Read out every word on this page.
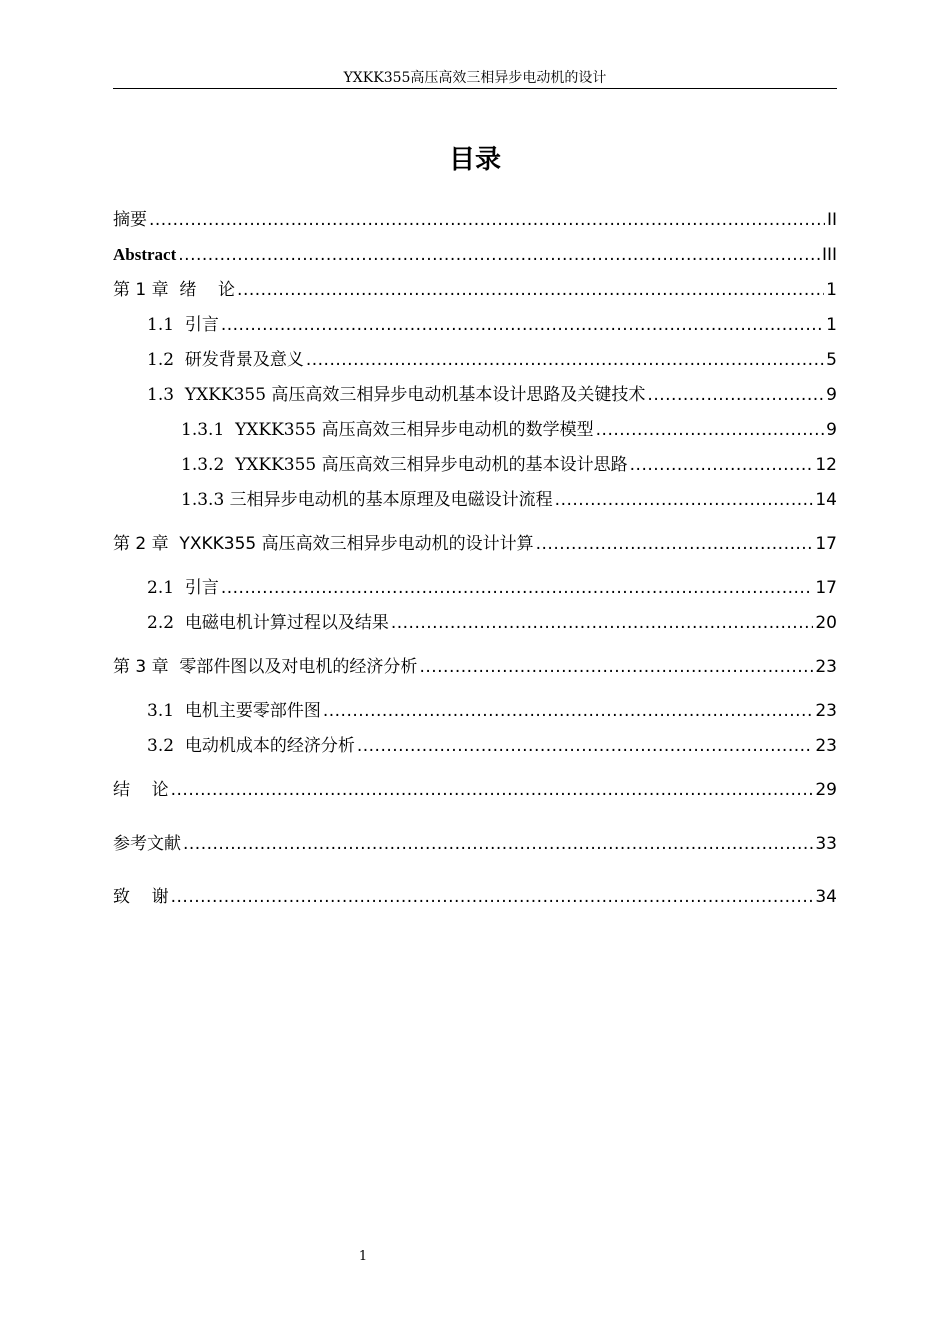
YXKK355高压高效三相异步电动机的设计
目录
摘要 .....	II
Abstract .....	III
第 1 章  绪    论 .....	1
1.1  引言 .....	1
1.2  研发背景及意义 .....	5
1.3  YXKK355 高压高效三相异步电动机基本设计思路及关键技术 .....	9
1.3.1  YXKK355 高压高效三相异步电动机的数学模型 .....	9
1.3.2  YXKK355 高压高效三相异步电动机的基本设计思路 .....	12
1.3.3 三相异步电动机的基本原理及电磁设计流程 .....	14
第 2 章  YXKK355 高压高效三相异步电动机的设计计算 .....	17
2.1  引言 .....	17
2.2  电磁电机计算过程以及结果 .....	20
第 3 章  零部件图以及对电机的经济分析 .....	23
3.1  电机主要零部件图 .....	23
3.2  电动机成本的经济分析 .....	23
结    论 .....	29
参考文献 .....	33
致    谢 .....	34
1
